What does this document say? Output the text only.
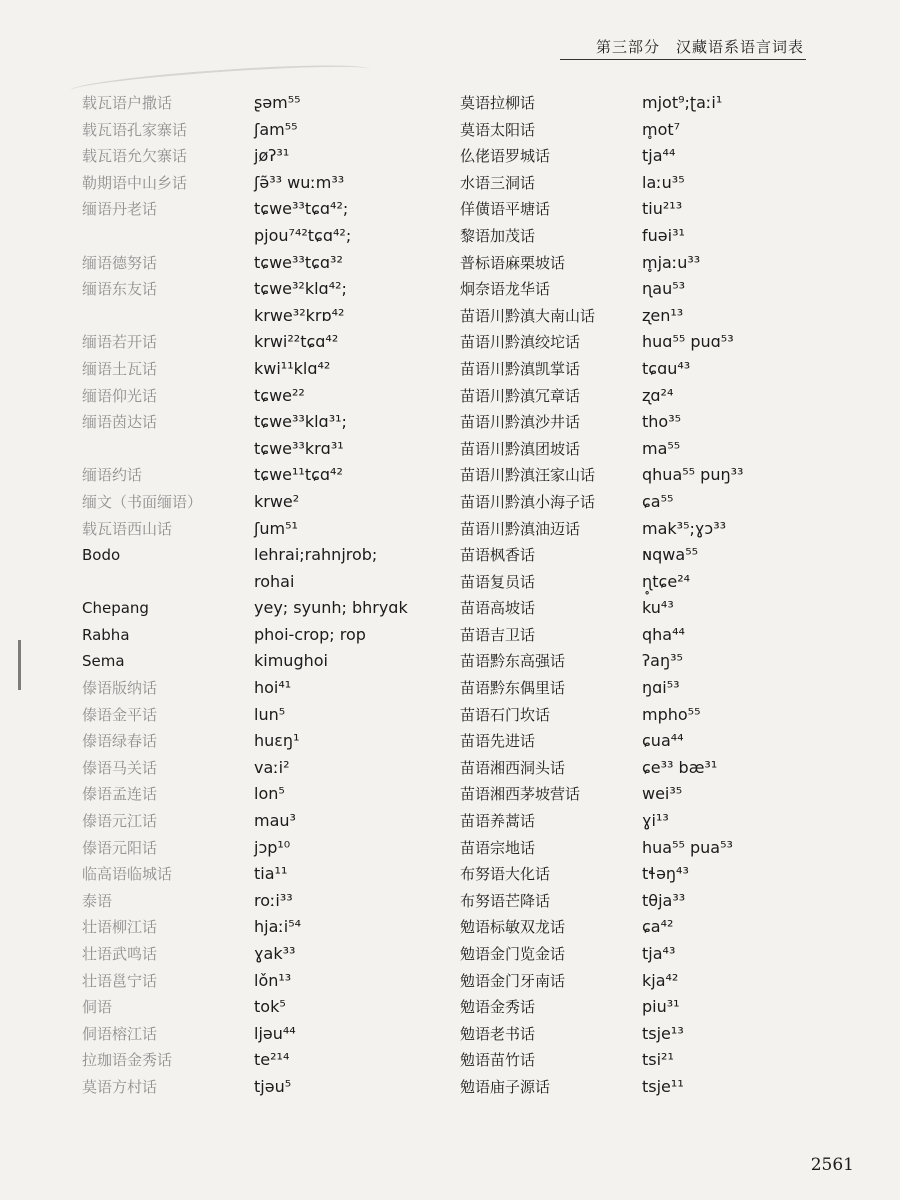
第三部分　汉藏语系语言词表
载瓦语户撒话
载瓦语孔家寨话
载瓦语允欠寨话
勒期语中山乡话
缅语丹老话
缅语德努话
缅语东友话
缅语若开话
缅语土瓦话
缅语仰光话
缅语茵达话
缅语约话
缅文（书面缅语）
载瓦语西山话
Bodo
Chepang
Rabha
Sema
傣语版纳话
傣语金平话
傣语绿春话
傣语马关话
傣语孟连话
傣语元江话
傣语元阳话
临高语临城话
泰语
壮语柳江话
壮语武鸣话
壮语邕宁话
侗语
侗语榕江话
拉珈语金秀话
莫语方村话
ʂəm⁵⁵
ʃam⁵⁵
jøʔ³¹
ʃə̃³³ wuːm³³
tɕwe³³tɕɑ⁴²;
pjou⁷⁴²tɕɑ⁴²;
tɕwe³³tɕɑ³²
tɕwe³²klɑ⁴²;
krwe³²krɒ⁴²
krwi²²tɕɑ⁴²
kwi¹¹klɑ⁴²
tɕwe²²
tɕwe³³klɑ³¹;
tɕwe³³krɑ³¹
tɕwe¹¹tɕɑ⁴²
krwe²
ʃum⁵¹
lehrai;rahnjrob;
rohai
yey; syunh; bhryɑk
phoi-crop; rop
kimughoi
hoi⁴¹
lun⁵
huɛŋ¹
vaːi²
lon⁵
mau³
jɔp¹⁰
tia¹¹
roːi³³
hjaːi⁵⁴
ɣak³³
lǒn¹³
tok⁵
ljəu⁴⁴
te²¹⁴
tjəu⁵
莫语拉柳话
莫语太阳话
仫佬语罗城话
水语三洞话
佯僙语平塘话
黎语加茂话
普标语麻栗坡话
炯奈语龙华话
苗语川黔滇大南山话
苗语川黔滇绞坨话
苗语川黔滇凯掌话
苗语川黔滇冗章话
苗语川黔滇沙井话
苗语川黔滇团坡话
苗语川黔滇汪家山话
苗语川黔滇小海子话
苗语川黔滇油迈话
苗语枫香话
苗语复员话
苗语高坡话
苗语吉卫话
苗语黔东高强话
苗语黔东偶里话
苗语石门坎话
苗语先进话
苗语湘西洞头话
苗语湘西茅坡营话
苗语养蒿话
苗语宗地话
布努语大化话
布努语芒降话
勉语标敏双龙话
勉语金门览金话
勉语金门牙南话
勉语金秀话
勉语老书话
勉语苗竹话
勉语庙子源话
mjot⁹;ʈaːi¹
m̥ot⁷
tja⁴⁴
laːu³⁵
tiu²¹³
fuəi³¹
m̥jaːu³³
ɳau⁵³
ʐen¹³
huɑ⁵⁵ puɑ⁵³
tɕɑu⁴³
ʐɑ²⁴
tho³⁵
ma⁵⁵
qhua⁵⁵ puŋ³³
ɕa⁵⁵
mak³⁵;ɣɔ³³
ɴqwa⁵⁵
ɳ̥tɕe²⁴
ku⁴³
qha⁴⁴
ʔaŋ³⁵
ŋɑi⁵³
mpho⁵⁵
ɕua⁴⁴
ɕe³³ bæ³¹
wei³⁵
ɣi¹³
hua⁵⁵ pua⁵³
tɬəŋ⁴³
tθja³³
ɕa⁴²
tja⁴³
kja⁴²
piu³¹
tsje¹³
tsi²¹
tsje¹¹
2561
